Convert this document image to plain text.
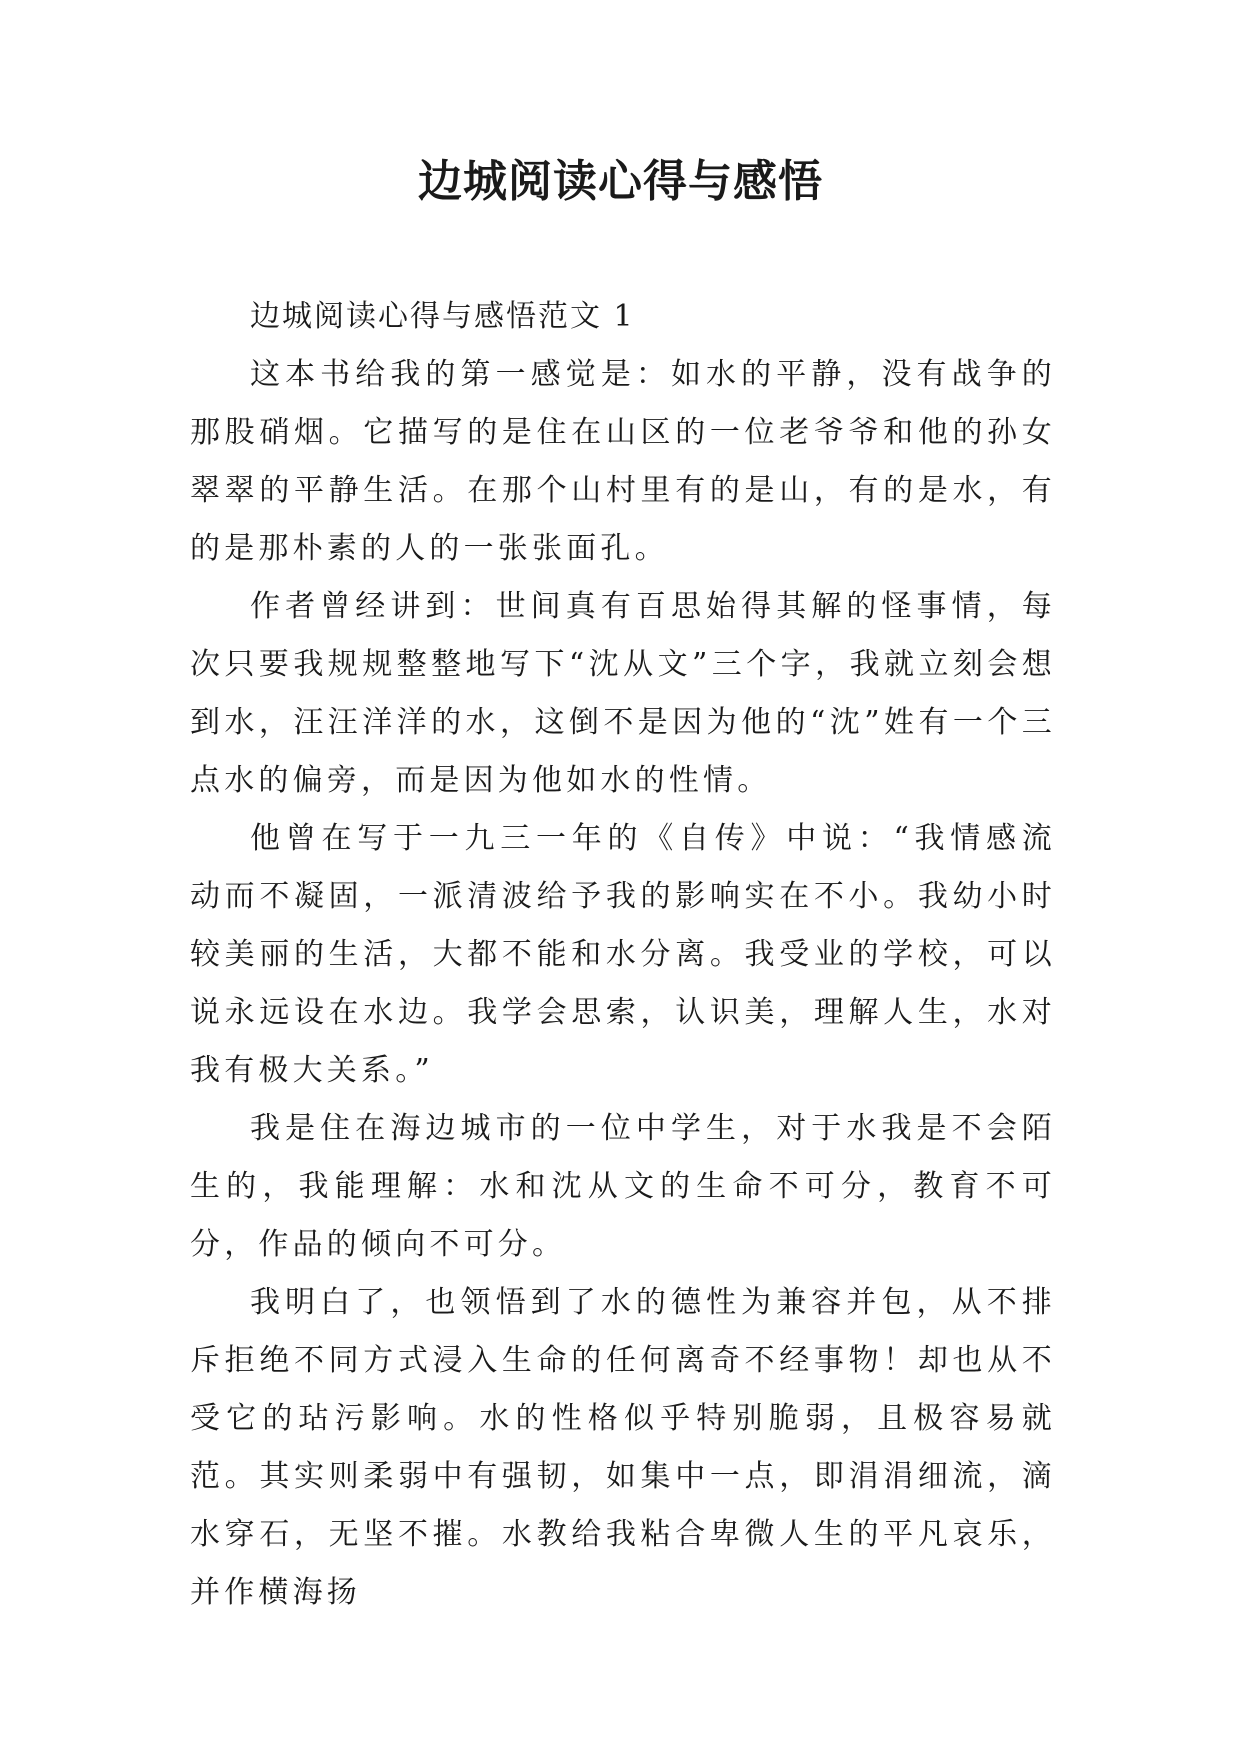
边城阅读心得与感悟

边城阅读心得与感悟范文 1

这本书给我的第一感觉是：如水的平静，没有战争的那股硝烟。它描写的是住在山区的一位老爷爷和他的孙女翠翠的平静生活。在那个山村里有的是山，有的是水，有的是那朴素的人的一张张面孔。

作者曾经讲到：世间真有百思始得其解的怪事情，每次只要我规规整整地写下“沈从文”三个字，我就立刻会想到水，汪汪洋洋的水，这倒不是因为他的“沈”姓有一个三点水的偏旁，而是因为他如水的性情。

他曾在写于一九三一年的《自传》中说：“我情感流动而不凝固，一派清波给予我的影响实在不小。我幼小时较美丽的生活，大都不能和水分离。我受业的学校，可以说永远设在水边。我学会思索，认识美，理解人生，水对我有极大关系。”

我是住在海边城市的一位中学生，对于水我是不会陌生的，我能理解：水和沈从文的生命不可分，教育不可分，作品的倾向不可分。

我明白了，也领悟到了水的德性为兼容并包，从不排斥拒绝不同方式浸入生命的任何离奇不经事物！却也从不受它的玷污影响。水的性格似乎特别脆弱，且极容易就范。其实则柔弱中有强韧，如集中一点，即涓涓细流，滴水穿石，无坚不摧。水教给我粘合卑微人生的平凡哀乐，并作横海扬
